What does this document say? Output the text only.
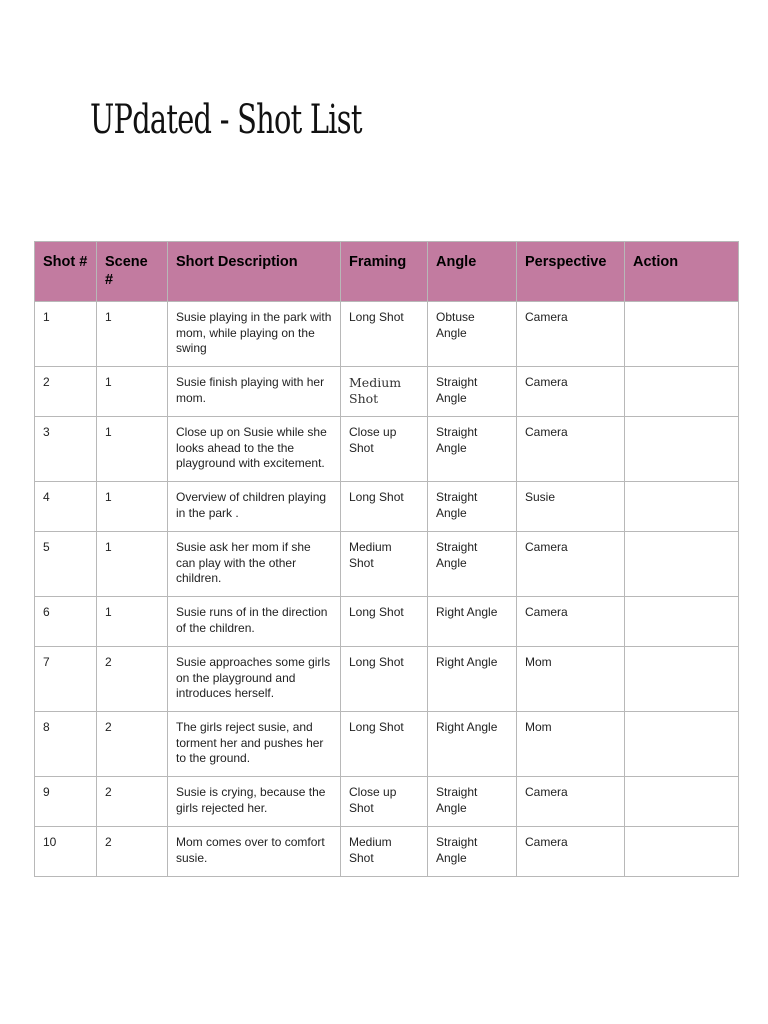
UPdated - Shot List
Shot #	Scene #	Short Description	Framing	Angle	Perspective	Action
1	1	Susie playing in the park with mom, while playing on the swing	Long Shot	Obtuse Angle	Camera	
2	1	Susie finish playing with her mom.	Medium Shot	Straight Angle	Camera	
3	1	Close up on Susie while she looks ahead to the the playground with excitement.	Close up Shot	Straight Angle	Camera	
4	1	Overview of children playing in the park .	Long Shot	Straight Angle	Susie	
5	1	Susie ask her mom if she can play with the other children.	Medium Shot	Straight Angle	Camera	
6	1	Susie runs of in the direction of the children.	Long Shot	Right Angle	Camera	
7	2	Susie approaches some girls on the playground and introduces herself.	Long Shot	Right Angle	Mom	
8	2	The girls reject susie, and torment her and pushes her to the ground.	Long Shot	Right Angle	Mom	
9	2	Susie is crying, because the girls rejected her.	Close up Shot	Straight Angle	Camera	
10	2	Mom comes over to comfort susie.	Medium Shot	Straight Angle	Camera	
